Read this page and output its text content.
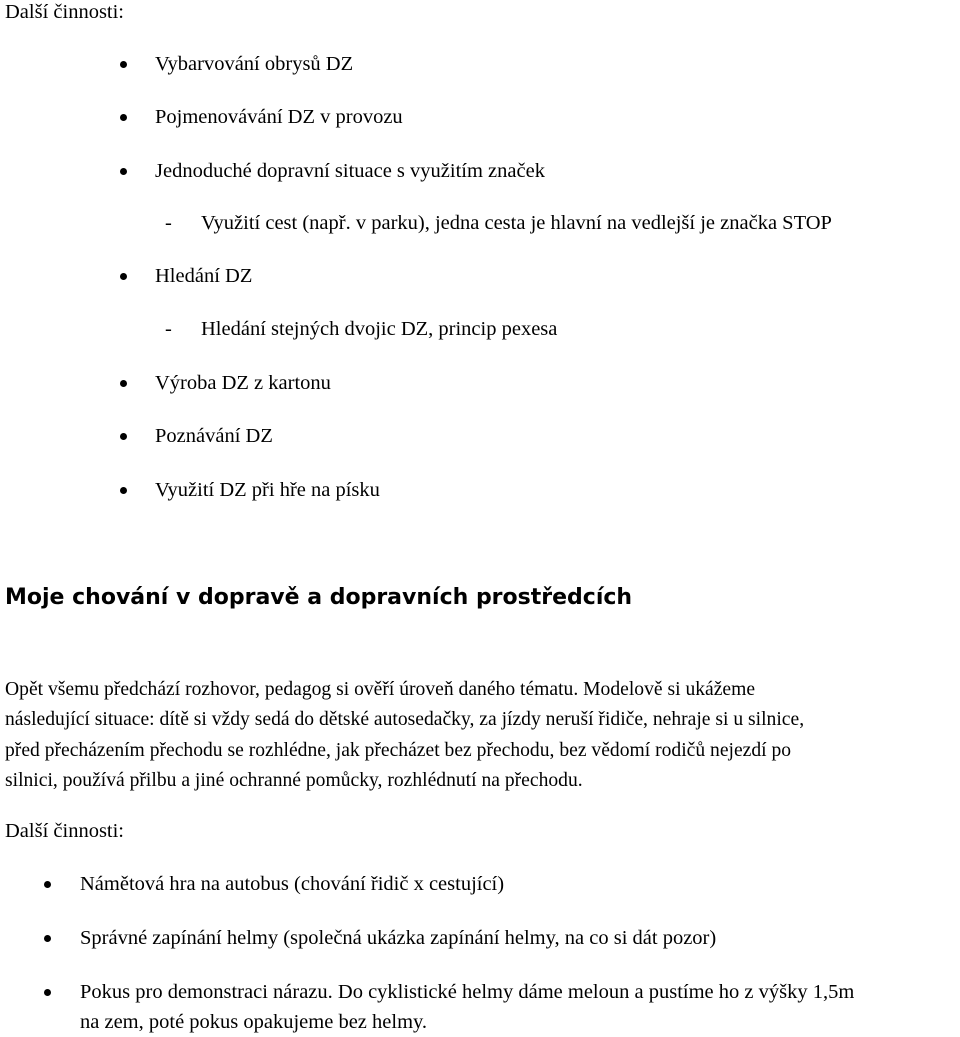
Další činnosti:
Vybarvování obrysů DZ
Pojmenovávání DZ v provozu
Jednoduché dopravní situace s využitím značek
- Využití cest (např. v parku), jedna cesta je hlavní na vedlejší je značka STOP
Hledání DZ
- Hledání stejných dvojic DZ, princip pexesa
Výroba DZ z kartonu
Poznávání DZ
Využití DZ při hře na písku
Moje chování v dopravě a dopravních prostředcích
Opět všemu předchází rozhovor, pedagog si ověří úroveň daného tématu. Modelově si ukážeme
následující situace: dítě si vždy sedá do dětské autosedačky, za jízdy neruší řidiče, nehraje si u silnice,
před přecházením přechodu se rozhlédne, jak přecházet bez přechodu, bez vědomí rodičů nejezdí po
silnici, používá přilbu a jiné ochranné pomůcky, rozhlédnutí na přechodu.
Další činnosti:
Námětová hra na autobus (chování řidič x cestující)
Správné zapínání helmy (společná ukázka zapínání helmy, na co si dát pozor)
Pokus pro demonstraci nárazu. Do cyklistické helmy dáme meloun a pustíme ho z výšky 1,5m
na zem, poté pokus opakujeme bez helmy.
